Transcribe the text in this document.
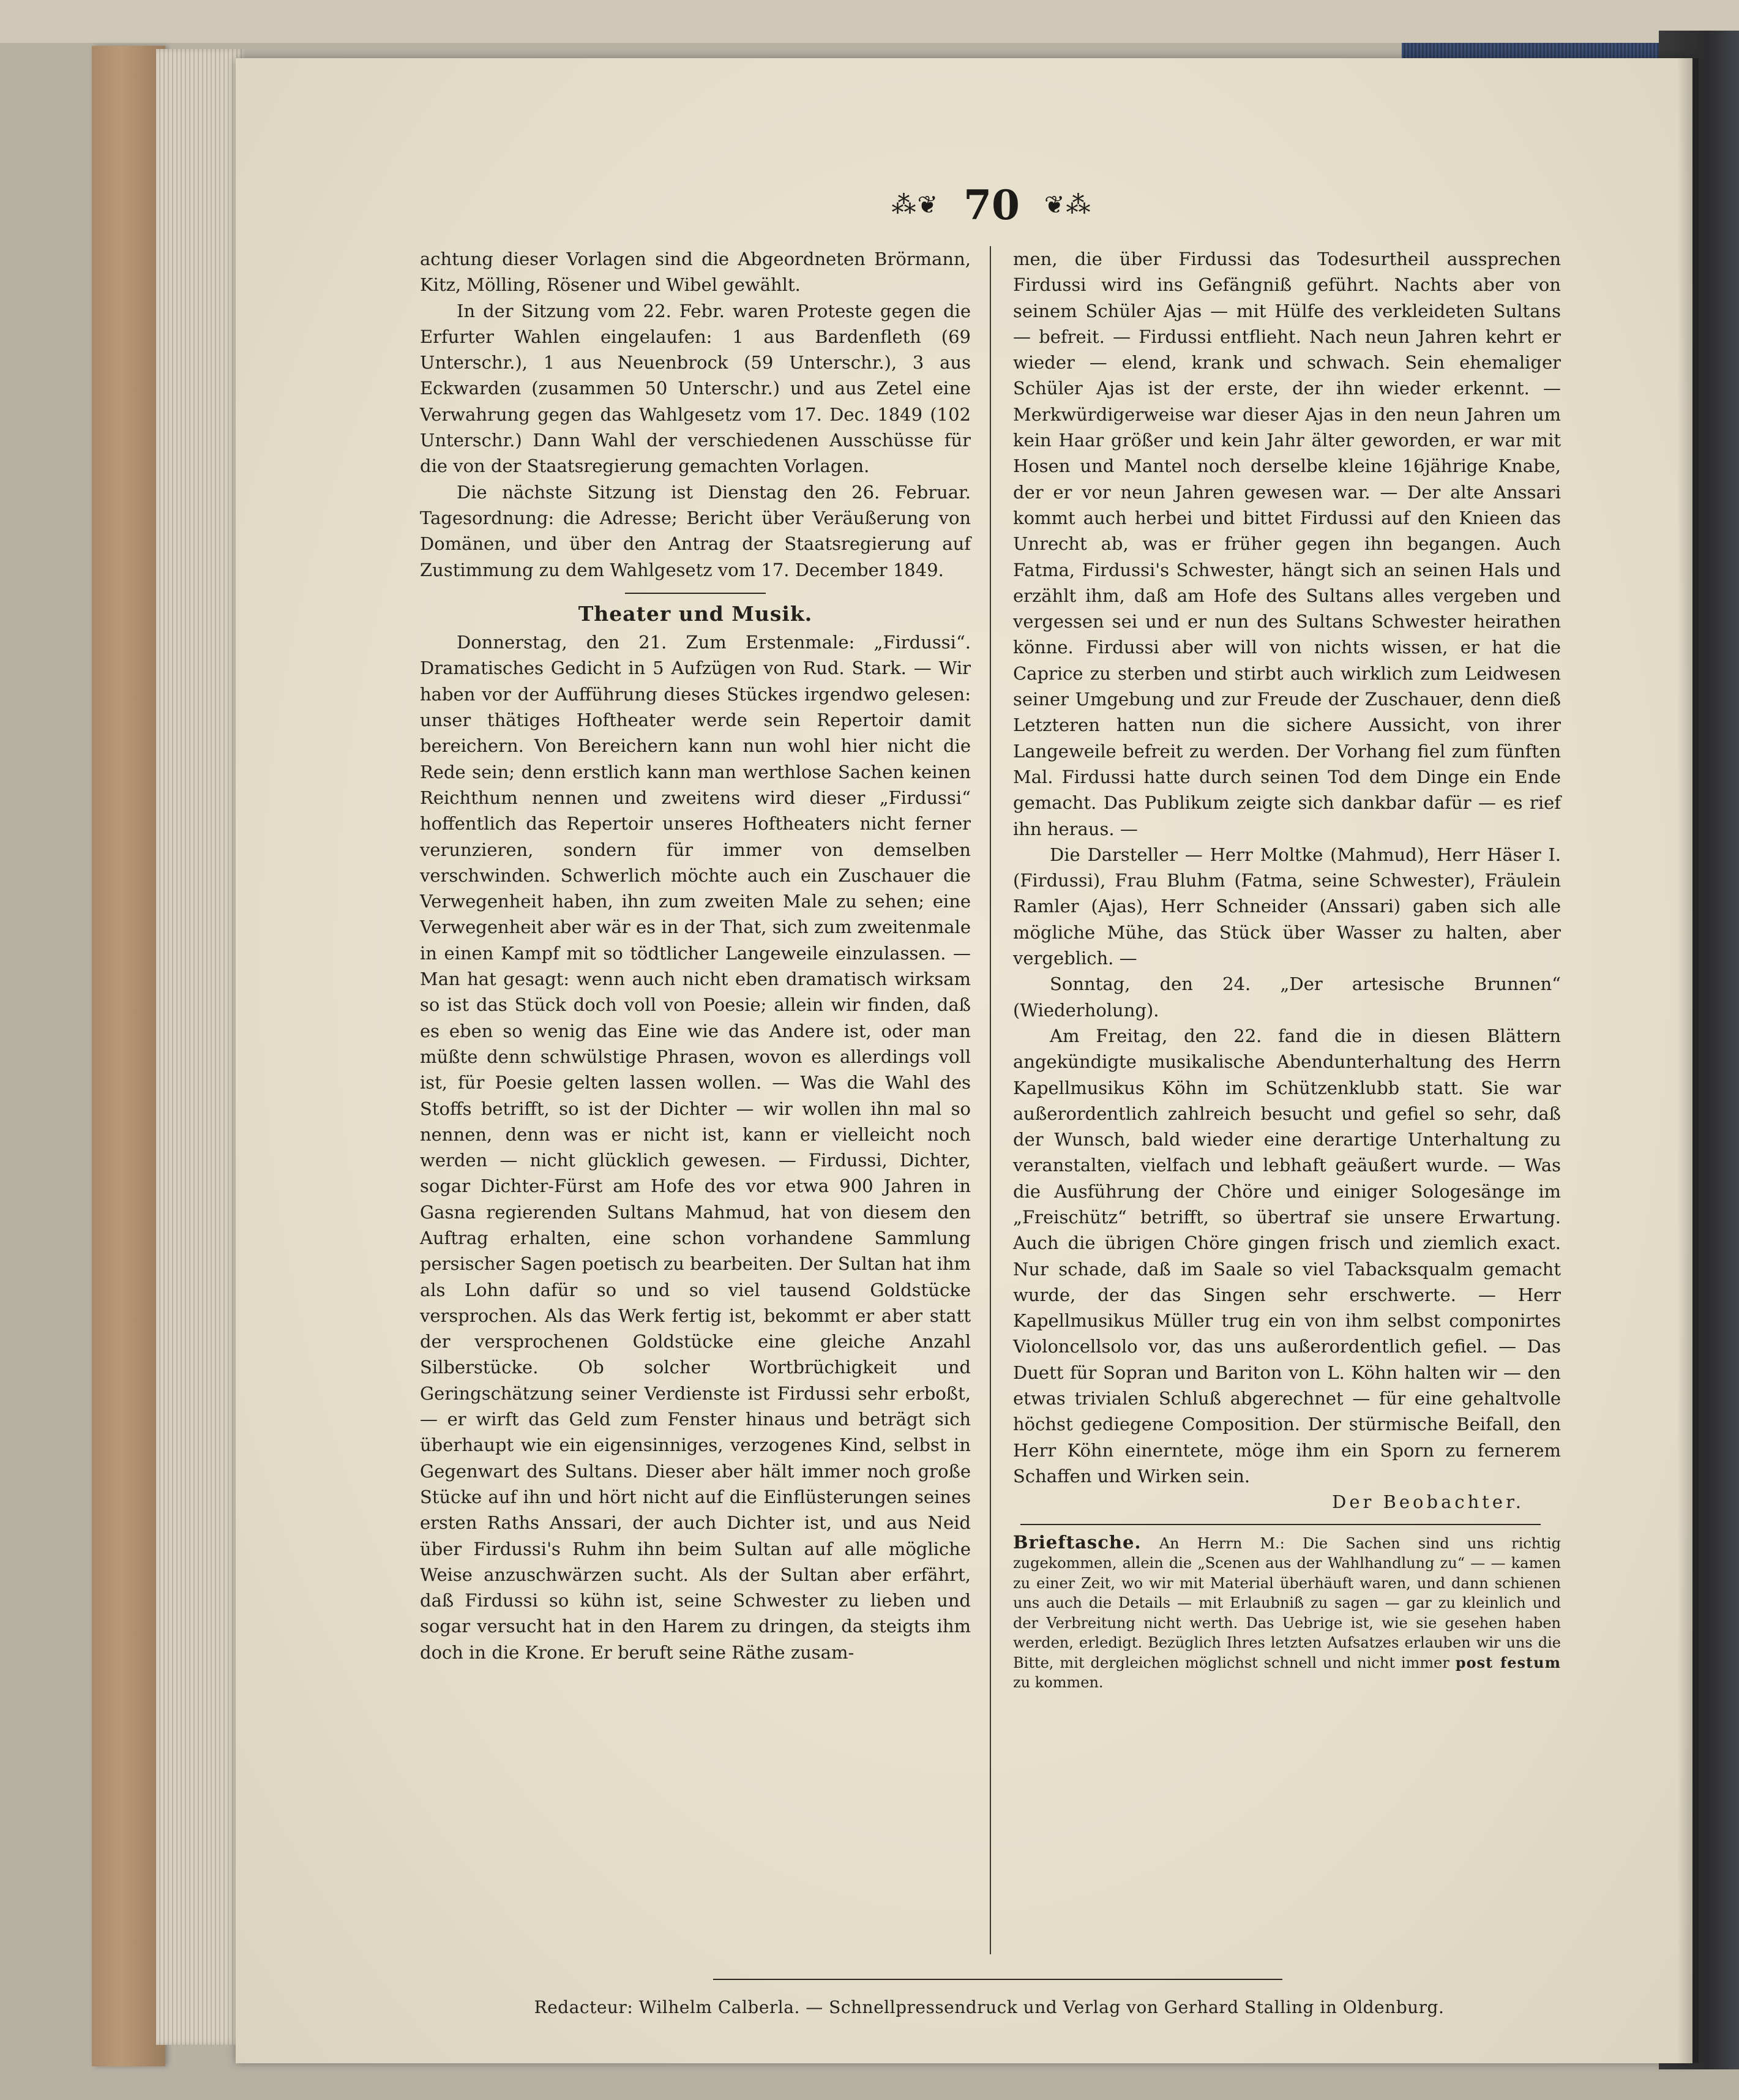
⁂❦ 70 ❦⁂

achtung dieser Vorlagen sind die Abgeordneten Brörmann, Kitz, Mölling, Rösener und Wibel gewählt.

In der Sitzung vom 22. Febr. waren Proteste gegen die Erfurter Wahlen eingelaufen: 1 aus Bardenfleth (69 Unterschr.), 1 aus Neuenbrock (59 Unterschr.), 3 aus Eckwarden (zusammen 50 Unterschr.) und aus Zetel eine Verwahrung gegen das Wahlgesetz vom 17. Dec. 1849 (102 Unterschr.) Dann Wahl der verschiedenen Ausschüsse für die von der Staatsregierung gemachten Vorlagen.

Die nächste Sitzung ist Dienstag den 26. Februar. Tagesordnung: die Adresse; Bericht über Veräußerung von Domänen, und über den Antrag der Staatsregierung auf Zustimmung zu dem Wahlgesetz vom 17. December 1849.

Theater und Musik.

Donnerstag, den 21. Zum Erstenmale: „Firdussi“. Dramatisches Gedicht in 5 Aufzügen von Rud. Stark. — Wir haben vor der Aufführung dieses Stückes irgendwo gelesen: unser thätiges Hoftheater werde sein Repertoir damit bereichern. Von Bereichern kann nun wohl hier nicht die Rede sein; denn erstlich kann man werthlose Sachen keinen Reichthum nennen und zweitens wird dieser „Firdussi“ hoffentlich das Repertoir unseres Hoftheaters nicht ferner verunzieren, sondern für immer von demselben verschwinden. Schwerlich möchte auch ein Zuschauer die Verwegenheit haben, ihn zum zweiten Male zu sehen; eine Verwegenheit aber wär es in der That, sich zum zweitenmale in einen Kampf mit so tödtlicher Langeweile einzulassen. — Man hat gesagt: wenn auch nicht eben dramatisch wirksam so ist das Stück doch voll von Poesie; allein wir finden, daß es eben so wenig das Eine wie das Andere ist, oder man müßte denn schwülstige Phrasen, wovon es allerdings voll ist, für Poesie gelten lassen wollen. — Was die Wahl des Stoffs betrifft, so ist der Dichter — wir wollen ihn mal so nennen, denn was er nicht ist, kann er vielleicht noch werden — nicht glücklich gewesen. — Firdussi, Dichter, sogar Dichter-Fürst am Hofe des vor etwa 900 Jahren in Gasna regierenden Sultans Mahmud, hat von diesem den Auftrag erhalten, eine schon vorhandene Sammlung persischer Sagen poetisch zu bearbeiten. Der Sultan hat ihm als Lohn dafür so und so viel tausend Goldstücke versprochen. Als das Werk fertig ist, bekommt er aber statt der versprochenen Goldstücke eine gleiche Anzahl Silberstücke. Ob solcher Wortbrüchigkeit und Geringschätzung seiner Verdienste ist Firdussi sehr erboßt, — er wirft das Geld zum Fenster hinaus und beträgt sich überhaupt wie ein eigensinniges, verzogenes Kind, selbst in Gegenwart des Sultans. Dieser aber hält immer noch große Stücke auf ihn und hört nicht auf die Einflüsterungen seines ersten Raths Anssari, der auch Dichter ist, und aus Neid über Firdussi's Ruhm ihn beim Sultan auf alle mögliche Weise anzuschwärzen sucht. Als der Sultan aber erfährt, daß Firdussi so kühn ist, seine Schwester zu lieben und sogar versucht hat in den Harem zu dringen, da steigts ihm doch in die Krone. Er beruft seine Räthe zusam-

men, die über Firdussi das Todesurtheil aussprechen Firdussi wird ins Gefängniß geführt. Nachts aber von seinem Schüler Ajas — mit Hülfe des verkleideten Sultans — befreit. — Firdussi entflieht. Nach neun Jahren kehrt er wieder — elend, krank und schwach. Sein ehemaliger Schüler Ajas ist der erste, der ihn wieder erkennt. — Merkwürdigerweise war dieser Ajas in den neun Jahren um kein Haar größer und kein Jahr älter geworden, er war mit Hosen und Mantel noch derselbe kleine 16jährige Knabe, der er vor neun Jahren gewesen war. — Der alte Anssari kommt auch herbei und bittet Firdussi auf den Knieen das Unrecht ab, was er früher gegen ihn begangen. Auch Fatma, Firdussi's Schwester, hängt sich an seinen Hals und erzählt ihm, daß am Hofe des Sultans alles vergeben und vergessen sei und er nun des Sultans Schwester heirathen könne. Firdussi aber will von nichts wissen, er hat die Caprice zu sterben und stirbt auch wirklich zum Leidwesen seiner Umgebung und zur Freude der Zuschauer, denn dieß Letzteren hatten nun die sichere Aussicht, von ihrer Langeweile befreit zu werden. Der Vorhang fiel zum fünften Mal. Firdussi hatte durch seinen Tod dem Dinge ein Ende gemacht. Das Publikum zeigte sich dankbar dafür — es rief ihn heraus. —

Die Darsteller — Herr Moltke (Mahmud), Herr Häser I. (Firdussi), Frau Bluhm (Fatma, seine Schwester), Fräulein Ramler (Ajas), Herr Schneider (Anssari) gaben sich alle mögliche Mühe, das Stück über Wasser zu halten, aber vergeblich. —

Sonntag, den 24. „Der artesische Brunnen“ (Wiederholung).

Am Freitag, den 22. fand die in diesen Blättern angekündigte musikalische Abendunterhaltung des Herrn Kapellmusikus Köhn im Schützenklubb statt. Sie war außerordentlich zahlreich besucht und gefiel so sehr, daß der Wunsch, bald wieder eine derartige Unterhaltung zu veranstalten, vielfach und lebhaft geäußert wurde. — Was die Ausführung der Chöre und einiger Sologesänge im „Freischütz“ betrifft, so übertraf sie unsere Erwartung. Auch die übrigen Chöre gingen frisch und ziemlich exact. Nur schade, daß im Saale so viel Tabacksqualm gemacht wurde, der das Singen sehr erschwerte. — Herr Kapellmusikus Müller trug ein von ihm selbst componirtes Violoncellsolo vor, das uns außerordentlich gefiel. — Das Duett für Sopran und Bariton von L. Köhn halten wir — den etwas trivialen Schluß abgerechnet — für eine gehaltvolle höchst gediegene Composition. Der stürmische Beifall, den Herr Köhn einerntete, möge ihm ein Sporn zu fernerem Schaffen und Wirken sein.

Der Beobachter.

Brieftasche. An Herrn M.: Die Sachen sind uns richtig zugekommen, allein die „Scenen aus der Wahlhandlung zu“ — — kamen zu einer Zeit, wo wir mit Material überhäuft waren, und dann schienen uns auch die Details — mit Erlaubniß zu sagen — gar zu kleinlich und der Verbreitung nicht werth. Das Uebrige ist, wie sie gesehen haben werden, erledigt. Bezüglich Ihres letzten Aufsatzes erlauben wir uns die Bitte, mit dergleichen möglichst schnell und nicht immer post festum zu kommen.

Redacteur: Wilhelm Calberla. — Schnellpressendruck und Verlag von Gerhard Stalling in Oldenburg.
